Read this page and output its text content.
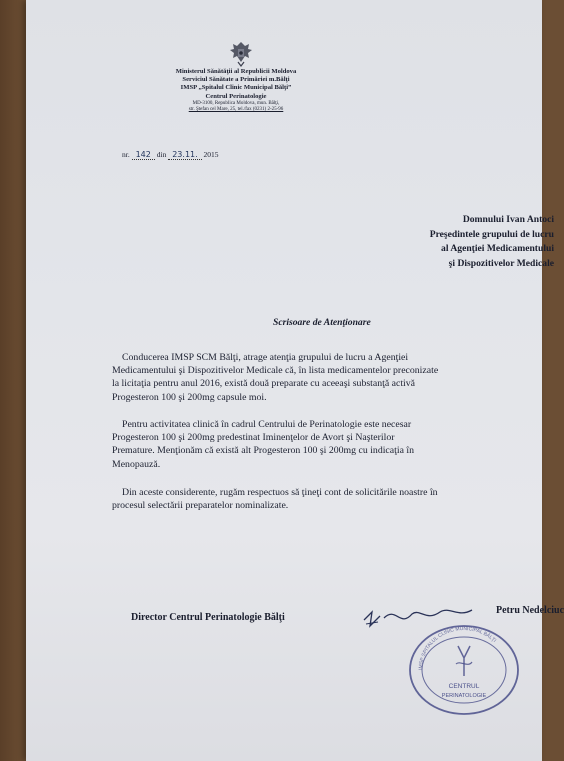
Ministerul Sănătăţii al Republicii Moldova
Serviciul Sănătate a Primăriei m.Bălţi
IMSP „Spitalul Clinic Municipal Bălţi”
Centrul Perinatologie
MD-3100, Republica Moldova, mun. Bălţi,
str. Ştefan cel Mare, 25, tel./fax (0231) 2-25-96
nr. 142 din 23.11. 2015
Domnului Ivan Antoci
Preşedintele grupului de lucru
al Agenţiei Medicamentului
şi Dispozitivelor Medicale
Scrisoare de Atenţionare
Conducerea IMSP SCM Bălţi, atrage atenţia grupului de lucru a Agenţiei
Medicamentului şi Dispozitivelor Medicale că, în lista medicamentelor preconizate
la licitaţia pentru anul 2016, există două preparate cu aceeaşi substanţă activă
Progesteron 100 şi 200mg capsule moi.
Pentru activitatea clinică în cadrul Centrului de Perinatologie este necesar
Progesteron 100 şi 200mg predestinat Iminenţelor de Avort şi Naşterilor
Premature. Menţionăm că există alt Progesteron 100 şi 200mg cu indicaţia în
Menopauză.
Din aceste considerente, rugăm respectuos să ţineţi cont de solicitările noastre în
procesul selectării preparatelor nominalizate.
Director Centrul Perinatologie Bălţi
Petru Nedelciuc
CENTRUL
PERINATOLOGIE
IMSP SPITALUL CLINIC MUNICIPAL BĂLŢI
